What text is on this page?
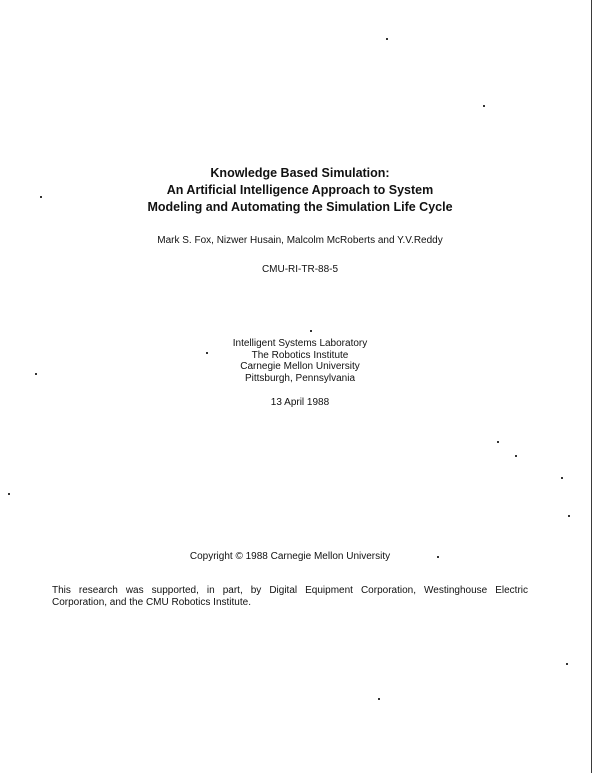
Knowledge Based Simulation:
An Artificial Intelligence Approach to System
Modeling and Automating the Simulation Life Cycle
Mark S. Fox, Nizwer Husain, Malcolm McRoberts and Y.V.Reddy
CMU-RI-TR-88-5
Intelligent Systems Laboratory
The Robotics Institute
Carnegie Mellon University
Pittsburgh, Pennsylvania
13 April 1988
Copyright © 1988 Carnegie Mellon University
This research was supported, in part, by Digital Equipment Corporation, Westinghouse Electric Corporation, and the CMU Robotics Institute.
